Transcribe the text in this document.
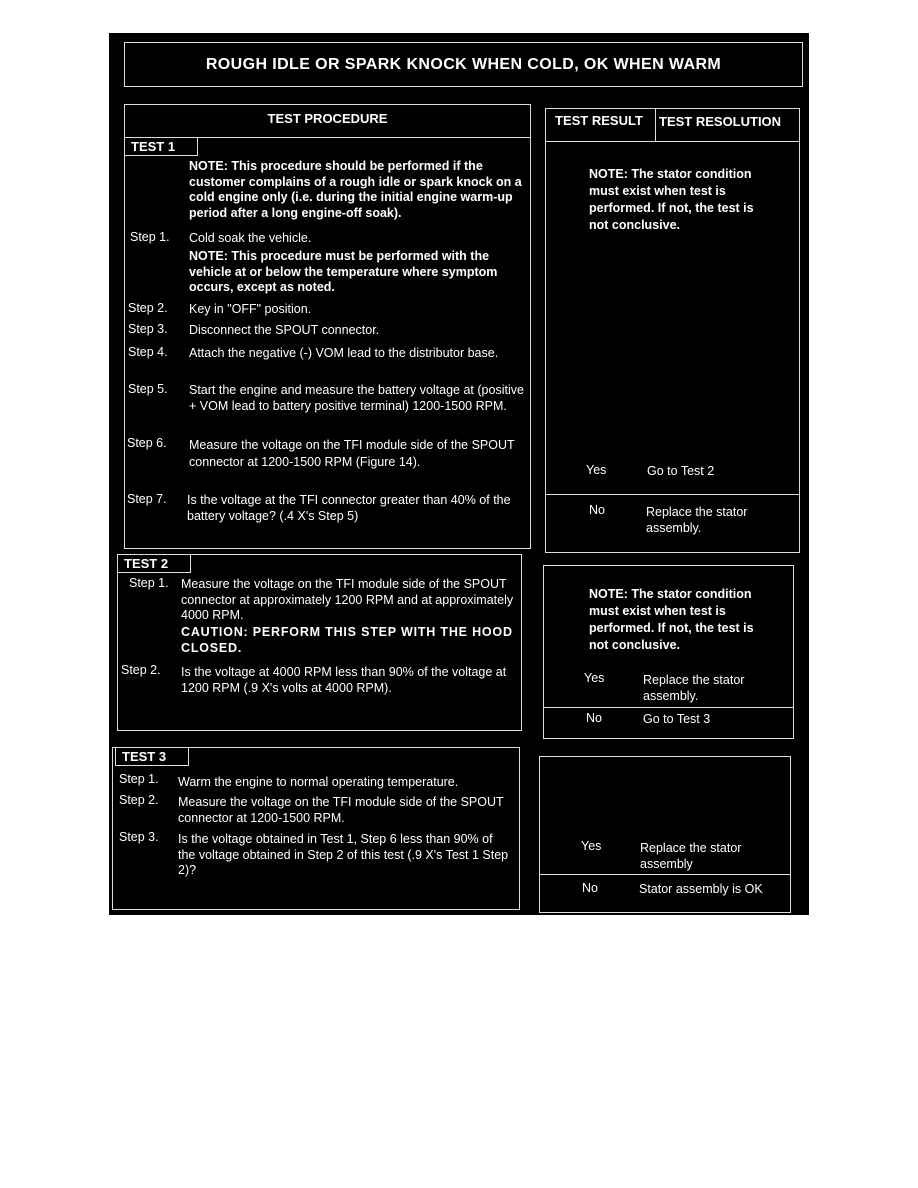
ROUGH IDLE OR SPARK KNOCK WHEN COLD, OK WHEN WARM
TEST PROCEDURE
TEST 1
NOTE: This procedure should be performed if the customer complains of a rough idle or spark knock on a cold engine only (i.e. during the initial engine warm-up period after a long engine-off soak).
Step 1. Cold soak the vehicle.
NOTE: This procedure must be performed with the vehicle at or below the temperature where symptom occurs, except as noted.
Step 2. Key in "OFF" position.
Step 3. Disconnect the SPOUT connector.
Step 4. Attach the negative (-) VOM lead to the distributor base.
Step 5. Start the engine and measure the battery voltage at (positive + VOM lead to battery positive terminal) 1200-1500 RPM.
Step 6. Measure the voltage on the TFI module side of the SPOUT connector at 1200-1500 RPM (Figure 14).
Step 7. Is the voltage at the TFI connector greater than 40% of the battery voltage? (.4 X's Step 5)
TEST RESULT TEST RESOLUTION
NOTE: The stator condition must exist when test is performed. If not, the test is not conclusive.
Yes	Go to Test 2
No	Replace the stator assembly.
TEST 2
Step 1. Measure the voltage on the TFI module side of the SPOUT connector at approximately 1200 RPM and at approximately 4000 RPM.
CAUTION: PERFORM THIS STEP WITH THE HOOD CLOSED.
Step 2. Is the voltage at 4000 RPM less than 90% of the voltage at 1200 RPM (.9 X's volts at 4000 RPM).
NOTE: The stator condition must exist when test is performed. If not, the test is not conclusive.
Yes	Replace the stator assembly.
No	Go to Test 3
TEST 3
Step 1. Warm the engine to normal operating temperature.
Step 2. Measure the voltage on the TFI module side of the SPOUT connector at 1200-1500 RPM.
Step 3. Is the voltage obtained in Test 1, Step 6 less than 90% of the voltage obtained in Step 2 of this test (.9 X's Test 1 Step 2)?
Yes	Replace the stator assembly
No	Stator assembly is OK
